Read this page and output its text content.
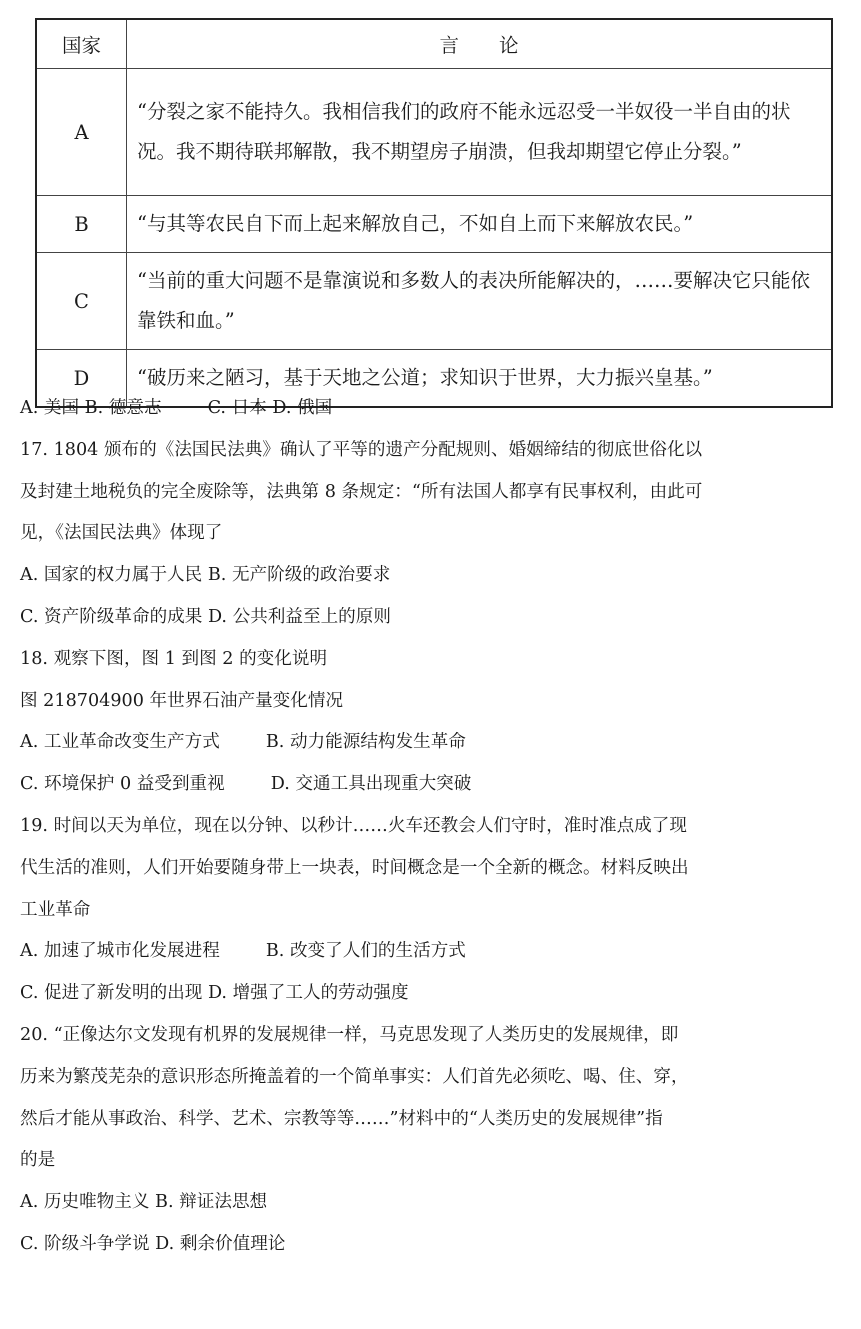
国家	言论
A	“分裂之家不能持久。我相信我们的政府不能永远忍受一半奴役一半自由的状况。我不期待联邦解散，我不期望房子崩溃，但我却期望它停止分裂。”
B	“与其等农民自下而上起来解放自己，不如自上而下来解放农民。”
C	“当前的重大问题不是靠演说和多数人的表决所能解决的，……要解决它只能依靠铁和血。”
D	“破历来之陋习，基于天地之公道；求知识于世界，大力振兴皇基。”
A. 美国 B. 德意志	C. 日本 D. 俄国
17. 1804 颁布的《法国民法典》确认了平等的遗产分配规则、婚姻缔结的彻底世俗化以
及封建土地税负的完全废除等，法典第 8 条规定：“所有法国人都享有民事权利，由此可
见，《法国民法典》体现了
A. 国家的权力属于人民 B. 无产阶级的政治要求
C. 资产阶级革命的成果 D. 公共利益至上的原则
18. 观察下图，图 1 到图 2 的变化说明
图 218704900 年世界石油产量变化情况
A. 工业革命改变生产方式	B. 动力能源结构发生革命
C. 环境保护 0 益受到重视	D. 交通工具出现重大突破
19. 时间以天为单位，现在以分钟、以秒计……火车还教会人们守时，准时准点成了现
代生活的准则，人们开始要随身带上一块表，时间概念是一个全新的概念。材料反映出
工业革命
A. 加速了城市化发展进程	B. 改变了人们的生活方式
C. 促进了新发明的出现 D. 增强了工人的劳动强度
20. “正像达尔文发现有机界的发展规律一样，马克思发现了人类历史的发展规律，即
历来为繁茂芜杂的意识形态所掩盖着的一个简单事实：人们首先必须吃、喝、住、穿，
然后才能从事政治、科学、艺术、宗教等等……”材料中的“人类历史的发展规律”指
的是
A. 历史唯物主义 B. 辩证法思想
C. 阶级斗争学说 D. 剩余价值理论
